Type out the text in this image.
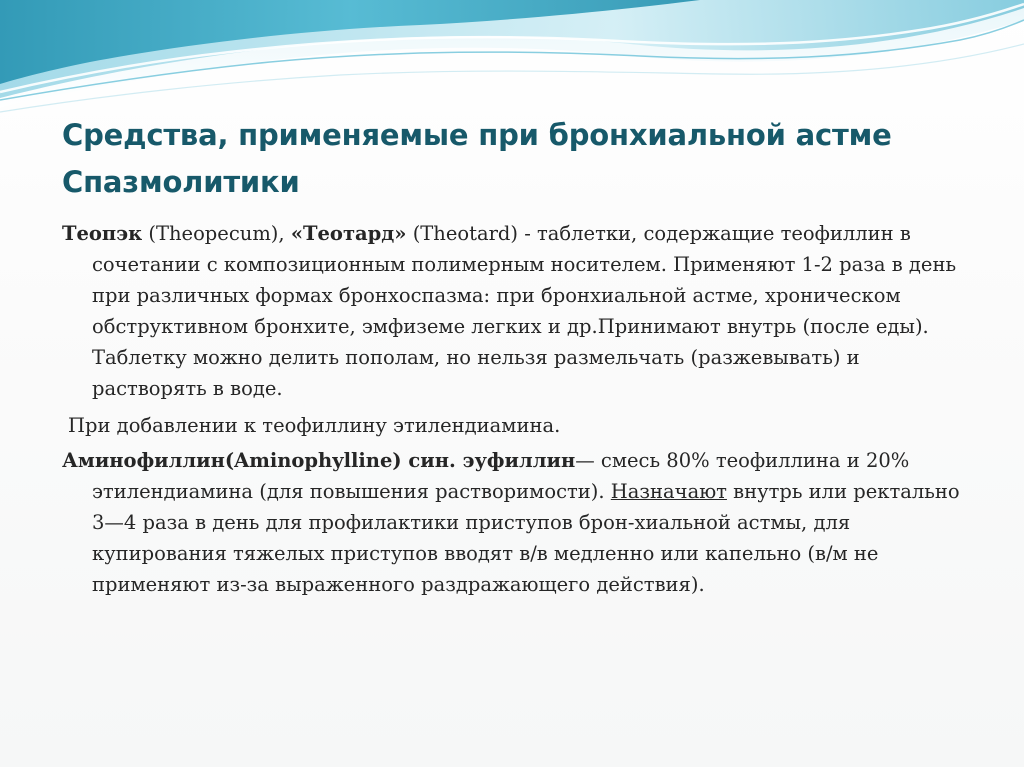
Средства, применяемые при бронхиальной астме
Спазмолитики

Теопэк (Theopecum), «Теотард» (Theotard) - таблетки, содержащие теофиллин в сочетании с композиционным полимерным носителем. Применяют 1-2 раза в день при различных формах бронхоспазма: при бронхиальной астме, хроническом обструктивном бронхите, эмфиземе легких и др.Принимают внутрь (после еды). Таблетку можно делить пополам, но нельзя размельчать (разжевывать) и растворять в воде.

При добавлении к теофиллину этилендиамина.

Аминофиллин(Aminophylline) син. эуфиллин— смесь 80% теофиллина и 20% этилендиамина (для повышения растворимости). Назначают внутрь или ректально 3—4 раза в день для профилактики приступов брон-хиальной астмы, для купирования тяжелых приступов вводят в/в медленно или капельно (в/м не применяют из-за выраженного раздражающего действия).
